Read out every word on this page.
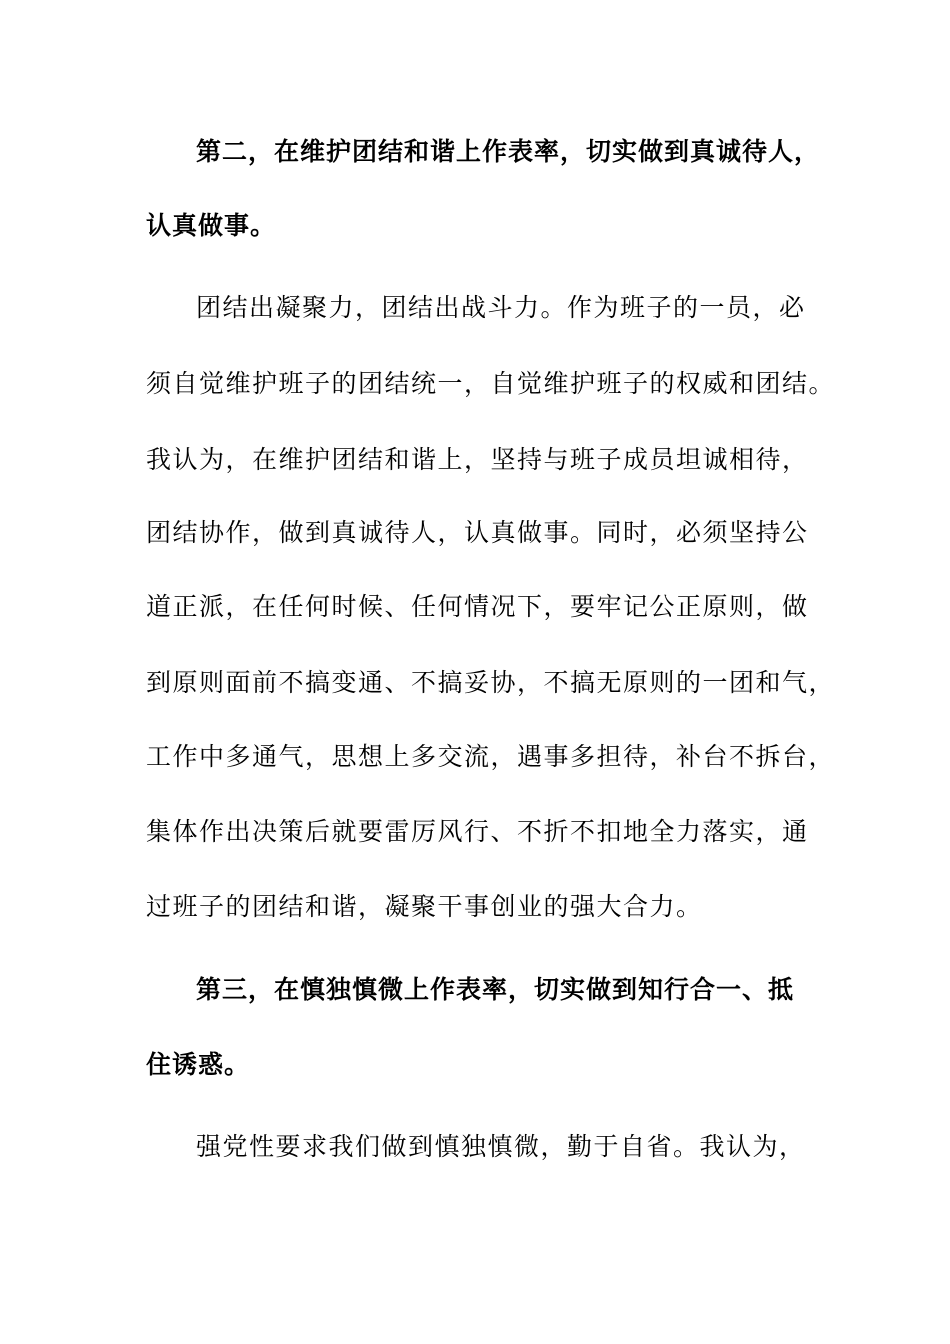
第二，在维护团结和谐上作表率，切实做到真诚待人，
认真做事。
团结出凝聚力，团结出战斗力。作为班子的一员，必
须自觉维护班子的团结统一，自觉维护班子的权威和团结。
我认为，在维护团结和谐上，坚持与班子成员坦诚相待，
团结协作，做到真诚待人，认真做事。同时，必须坚持公
道正派，在任何时候、任何情况下，要牢记公正原则，做
到原则面前不搞变通、不搞妥协，不搞无原则的一团和气，
工作中多通气，思想上多交流，遇事多担待，补台不拆台，
集体作出决策后就要雷厉风行、不折不扣地全力落实，通
过班子的团结和谐，凝聚干事创业的强大合力。
第三，在慎独慎微上作表率，切实做到知行合一、抵
住诱惑。
强党性要求我们做到慎独慎微，勤于自省。我认为，
